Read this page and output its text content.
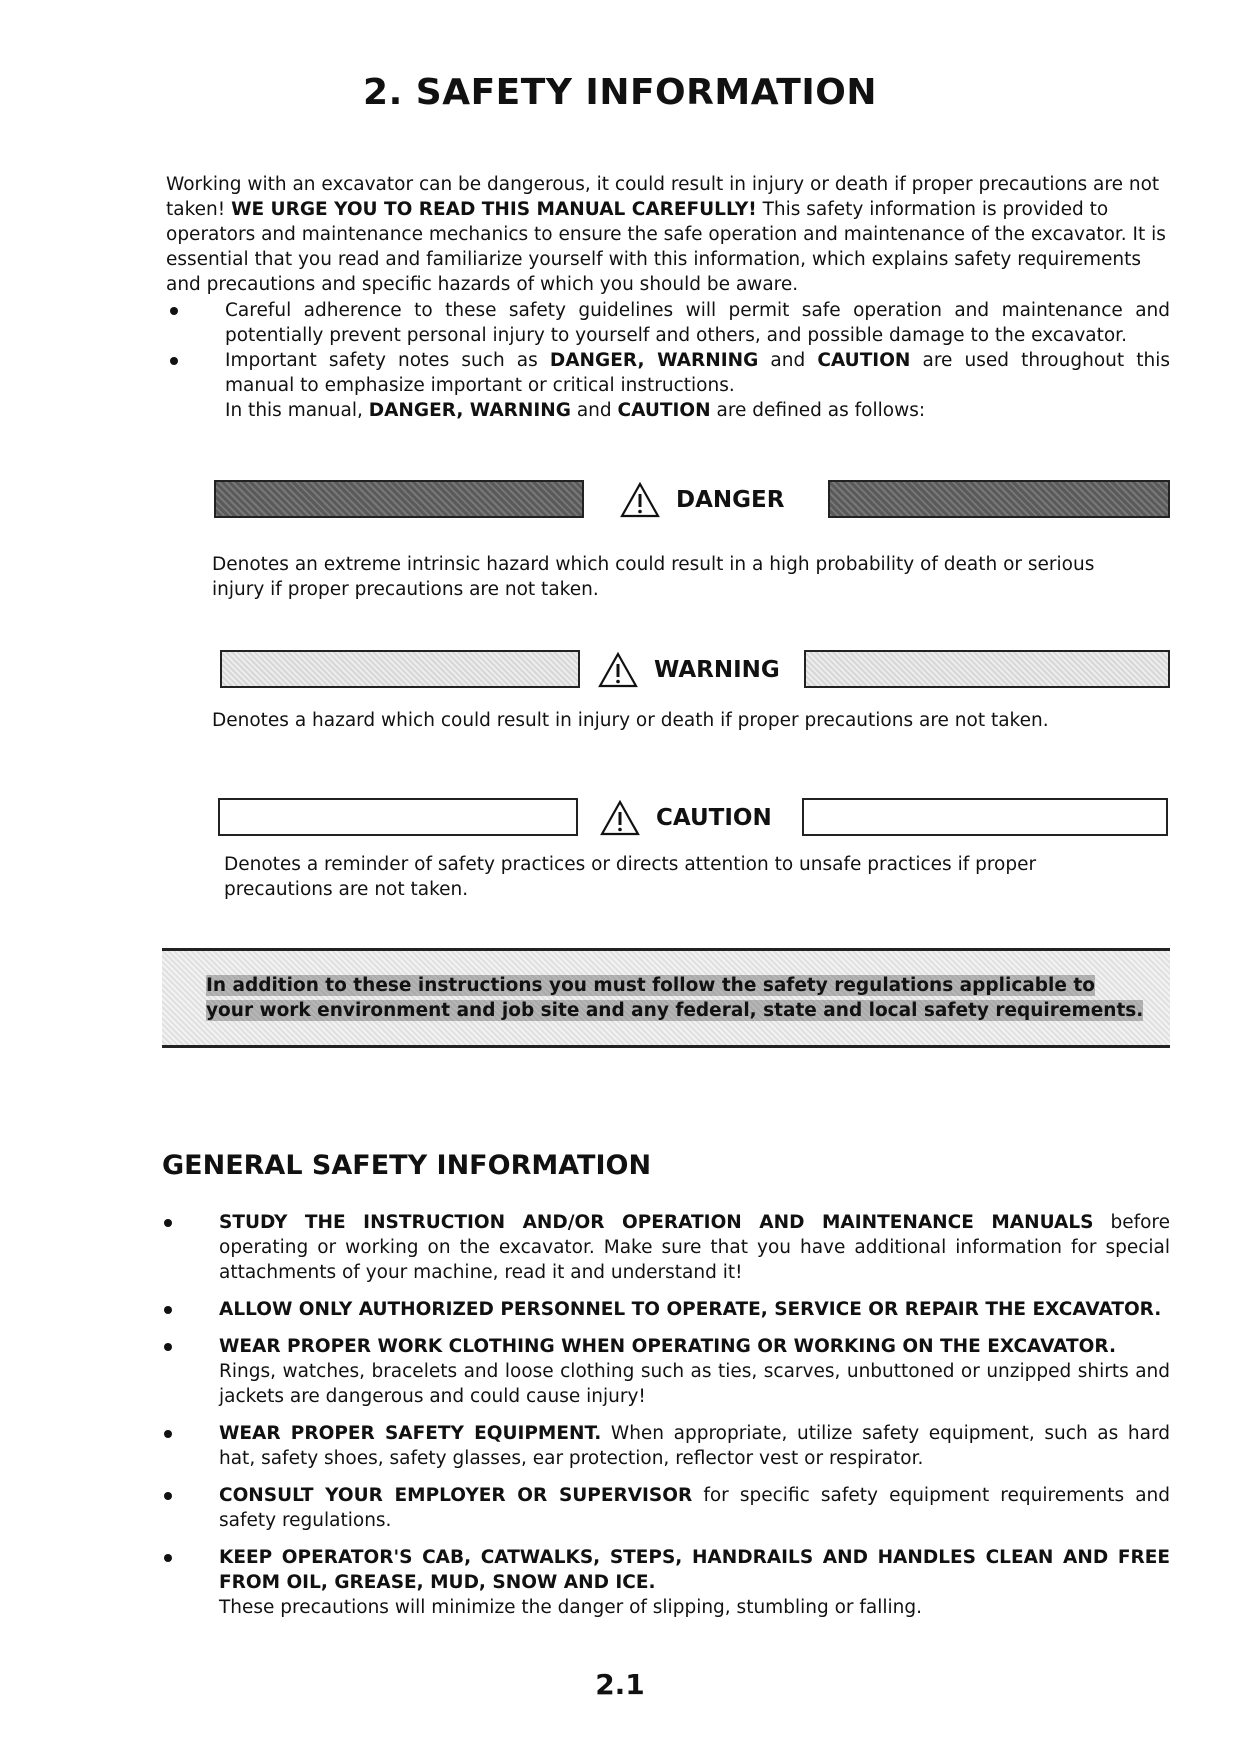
2. SAFETY INFORMATION
Working with an excavator can be dangerous, it could result in injury or death if proper precautions are not taken! WE URGE YOU TO READ THIS MANUAL CAREFULLY! This safety information is provided to operators and maintenance mechanics to ensure the safe operation and maintenance of the excavator. It is essential that you read and familiarize yourself with this information, which explains safety requirements and precautions and specific hazards of which you should be aware.

Careful adherence to these safety guidelines will permit safe operation and maintenance and potentially prevent personal injury to yourself and others, and possible damage to the excavator.

Important safety notes such as DANGER, WARNING and CAUTION are used throughout this manual to emphasize important or critical instructions.

In this manual, DANGER, WARNING and CAUTION are defined as follows:

DANGER
Denotes an extreme intrinsic hazard which could result in a high probability of death or serious injury if proper precautions are not taken.
WARNING
Denotes a hazard which could result in injury or death if proper precautions are not taken.
CAUTION
Denotes a reminder of safety practices or directs attention to unsafe practices if proper precautions are not taken.
In addition to these instructions you must follow the safety regulations applicable to your work environment and job site and any federal, state and local safety requirements.
GENERAL SAFETY INFORMATION
STUDY THE INSTRUCTION AND/OR OPERATION AND MAINTENANCE MANUALS before operating or working on the excavator. Make sure that you have additional information for special attachments of your machine, read it and understand it!
ALLOW ONLY AUTHORIZED PERSONNEL TO OPERATE, SERVICE OR REPAIR THE EXCAVATOR.
WEAR PROPER WORK CLOTHING WHEN OPERATING OR WORKING ON THE EXCAVATOR.
Rings, watches, bracelets and loose clothing such as ties, scarves, unbuttoned or unzipped shirts and jackets are dangerous and could cause injury!
WEAR PROPER SAFETY EQUIPMENT. When appropriate, utilize safety equipment, such as hard hat, safety shoes, safety glasses, ear protection, reflector vest or respirator.
CONSULT YOUR EMPLOYER OR SUPERVISOR for specific safety equipment requirements and safety regulations.
KEEP OPERATOR'S CAB, CATWALKS, STEPS, HANDRAILS AND HANDLES CLEAN AND FREE FROM OIL, GREASE, MUD, SNOW AND ICE.
These precautions will minimize the danger of slipping, stumbling or falling.
2.1
